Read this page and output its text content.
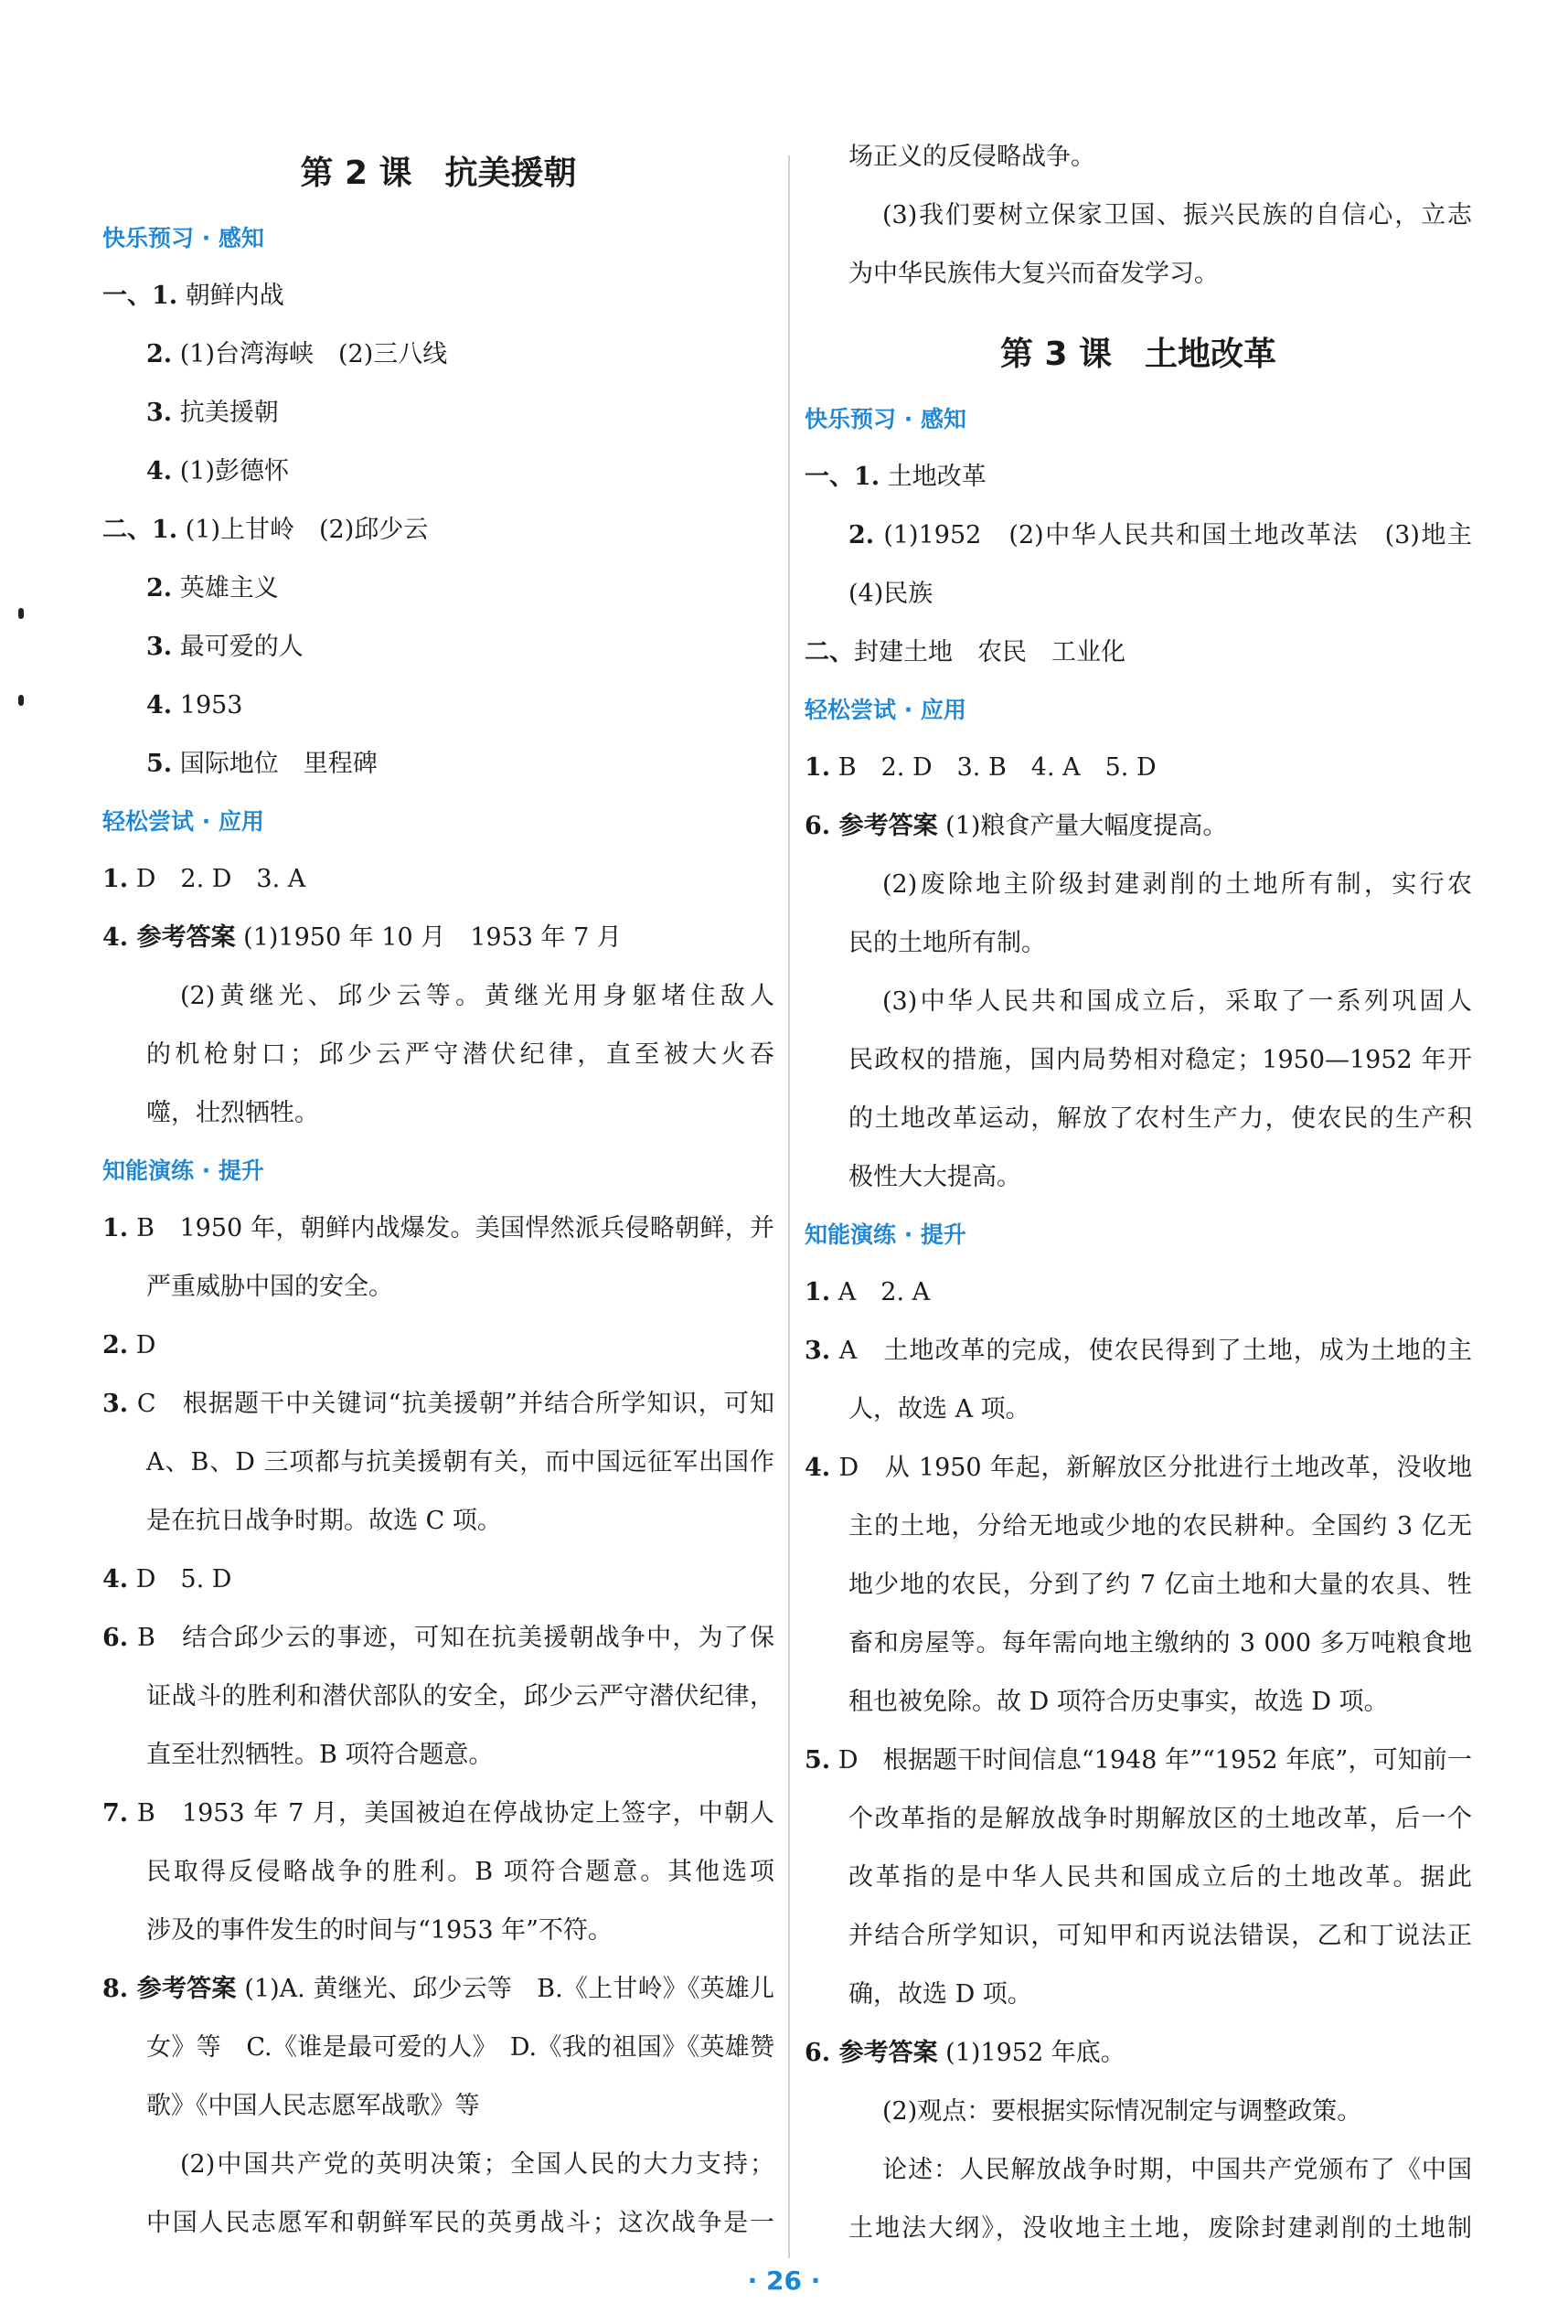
第 2 课　抗美援朝
快乐预习 · 感知
一、1. 朝鲜内战
2. (1)台湾海峡　(2)三八线
3. 抗美援朝
4. (1)彭德怀
二、1. (1)上甘岭　(2)邱少云
2. 英雄主义
3. 最可爱的人
4. 1953
5. 国际地位　里程碑
轻松尝试 · 应用
1. D　2. D　3. A
4. 参考答案 (1)1950 年 10 月　1953 年 7 月
(2)黄继光、邱少云等。黄继光用身躯堵住敌人
的机枪射口；邱少云严守潜伏纪律，直至被大火吞
噬，壮烈牺牲。
知能演练 · 提升
1. B　1950 年，朝鲜内战爆发。美国悍然派兵侵略朝鲜，并
严重威胁中国的安全。
2. D
3. C　根据题干中关键词“抗美援朝”并结合所学知识，可知
A、B、D 三项都与抗美援朝有关，而中国远征军出国作
是在抗日战争时期。故选 C 项。
4. D　5. D
6. B　结合邱少云的事迹，可知在抗美援朝战争中，为了保
证战斗的胜利和潜伏部队的安全，邱少云严守潜伏纪律，
直至壮烈牺牲。B 项符合题意。
7. B　1953 年 7 月，美国被迫在停战协定上签字，中朝人
民取得反侵略战争的胜利。B 项符合题意。其他选项
涉及的事件发生的时间与“1953 年”不符。
8. 参考答案 (1)A. 黄继光、邱少云等　B.《上甘岭》《英雄儿
女》等　C.《谁是最可爱的人》　D.《我的祖国》《英雄赞
歌》《中国人民志愿军战歌》等
(2)中国共产党的英明决策；全国人民的大力支持；
中国人民志愿军和朝鲜军民的英勇战斗；这次战争是一
场正义的反侵略战争。
(3)我们要树立保家卫国、振兴民族的自信心，立志
为中华民族伟大复兴而奋发学习。
第 3 课　土地改革
快乐预习 · 感知
一、1. 土地改革
2. (1)1952　(2)中华人民共和国土地改革法　(3)地主
(4)民族
二、封建土地　农民　工业化
轻松尝试 · 应用
1. B　2. D　3. B　4. A　5. D
6. 参考答案 (1)粮食产量大幅度提高。
(2)废除地主阶级封建剥削的土地所有制，实行农
民的土地所有制。
(3)中华人民共和国成立后，采取了一系列巩固人
民政权的措施，国内局势相对稳定；1950—1952 年开
的土地改革运动，解放了农村生产力，使农民的生产积
极性大大提高。
知能演练 · 提升
1. A　2. A
3. A　土地改革的完成，使农民得到了土地，成为土地的主
人，故选 A 项。
4. D　从 1950 年起，新解放区分批进行土地改革，没收地
主的土地，分给无地或少地的农民耕种。全国约 3 亿无
地少地的农民，分到了约 7 亿亩土地和大量的农具、牲
畜和房屋等。每年需向地主缴纳的 3 000 多万吨粮食地
租也被免除。故 D 项符合历史事实，故选 D 项。
5. D　根据题干时间信息“1948 年”“1952 年底”，可知前一
个改革指的是解放战争时期解放区的土地改革，后一个
改革指的是中华人民共和国成立后的土地改革。据此
并结合所学知识，可知甲和丙说法错误，乙和丁说法正
确，故选 D 项。
6. 参考答案 (1)1952 年底。
(2)观点：要根据实际情况制定与调整政策。
论述：人民解放战争时期，中国共产党颁布了《中国
土地法大纲》，没收地主土地，废除封建剥削的土地制
· 26 ·
